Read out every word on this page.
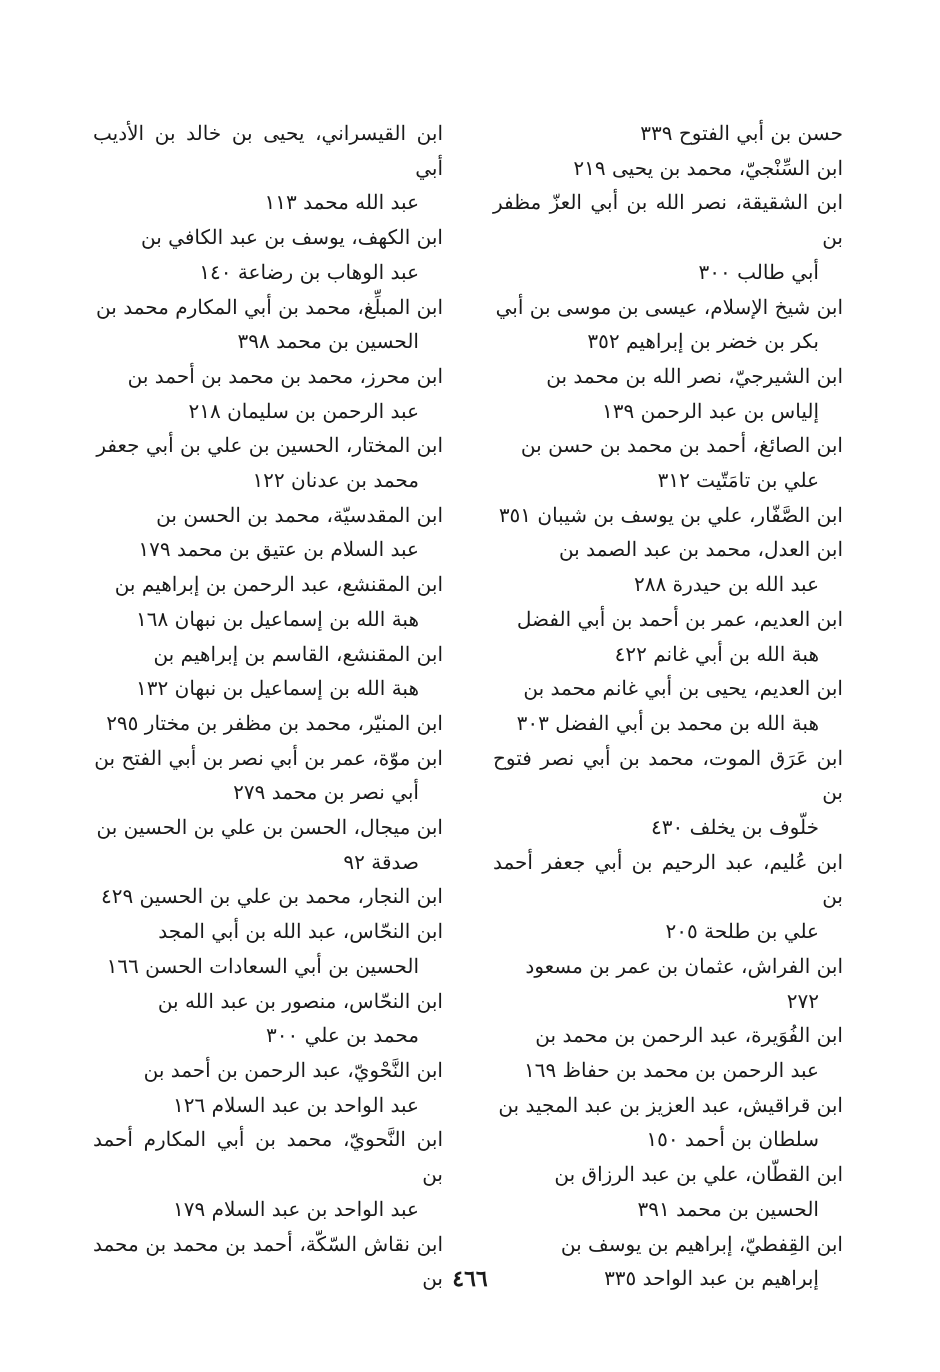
حسن بن أبي الفتوح ٣٣٩

ابن السِّنْجيّ، محمد بن يحيى ٢١٩

ابن الشقيقة، نصر الله بن أبي العزّ مظفر بن
أبي طالب ٣٠٠

ابن شيخ الإسلام، عيسى بن موسى بن أبي
بكر بن خضر بن إبراهيم ٣٥٢

ابن الشيرجيّ، نصر الله بن محمد بن
إلياس بن عبد الرحمن ١٣٩

ابن الصائغ، أحمد بن محمد بن حسن بن
علي بن تامَتّيت ٣١٢

ابن الصَّفّار، علي بن يوسف بن شيبان ٣٥١

ابن العدل، محمد بن عبد الصمد بن
عبد الله بن حيدرة ٢٨٨

ابن العديم، عمر بن أحمد بن أبي الفضل
هبة الله بن أبي غانم ٤٢٢

ابن العديم، يحيى بن أبي غانم محمد بن
هبة الله بن محمد بن أبي الفضل ٣٠٣

ابن عَرَق الموت، محمد بن أبي نصر فتوح بن
خلّوف بن يخلف ٤٣٠

ابن عُليم، عبد الرحيم بن أبي جعفر أحمد بن
علي بن طلحة ٢٠٥

ابن الفراش، عثمان بن عمر بن مسعود
٢٧٢

ابن الفُوَيرة، عبد الرحمن بن محمد بن
عبد الرحمن بن محمد بن حفاظ ١٦٩

ابن قراقيش، عبد العزيز بن عبد المجيد بن
سلطان بن أحمد ١٥٠

ابن القطّان، علي بن عبد الرزاق بن
الحسين بن محمد ٣٩١

ابن القِفطيّ، إبراهيم بن يوسف بن
إبراهيم بن عبد الواحد ٣٣٥

ابن القيسراني، يحيى بن خالد بن الأديب أبي
عبد الله محمد ١١٣

ابن الكهف، يوسف بن عبد الكافي بن
عبد الوهاب بن رضاعة ١٤٠

ابن المبلِّغ، محمد بن أبي المكارم محمد بن
الحسين بن محمد ٣٩٨

ابن محرز، محمد بن محمد بن أحمد بن
عبد الرحمن بن سليمان ٢١٨

ابن المختار، الحسين بن علي بن أبي جعفر
محمد بن عدنان ١٢٢

ابن المقدسيّة، محمد بن الحسن بن
عبد السلام بن عتيق بن محمد ١٧٩

ابن المقنشع، عبد الرحمن بن إبراهيم بن
هبة الله بن إسماعيل بن نبهان ١٦٨

ابن المقنشع، القاسم بن إبراهيم بن
هبة الله بن إسماعيل بن نبهان ١٣٢

ابن المنيّر، محمد بن مظفر بن مختار ٢٩٥

ابن موّة، عمر بن أبي نصر بن أبي الفتح بن
أبي نصر بن محمد ٢٧٩

ابن ميجال، الحسن بن علي بن الحسين بن
صدقة ٩٢

ابن النجار، محمد بن علي بن الحسين ٤٢٩

ابن النحّاس، عبد الله بن أبي المجد
الحسين بن أبي السعادات الحسن ١٦٦

ابن النحّاس، منصور بن عبد الله بن
محمد بن علي ٣٠٠

ابن النَّحْويّ، عبد الرحمن بن أحمد بن
عبد الواحد بن عبد السلام ١٢٦

ابن النَّحويّ، محمد بن أبي المكارم أحمد بن
عبد الواحد بن عبد السلام ١٧٩

ابن نقاش السّكّة، أحمد بن محمد بن محمد بن ٤٦٦
